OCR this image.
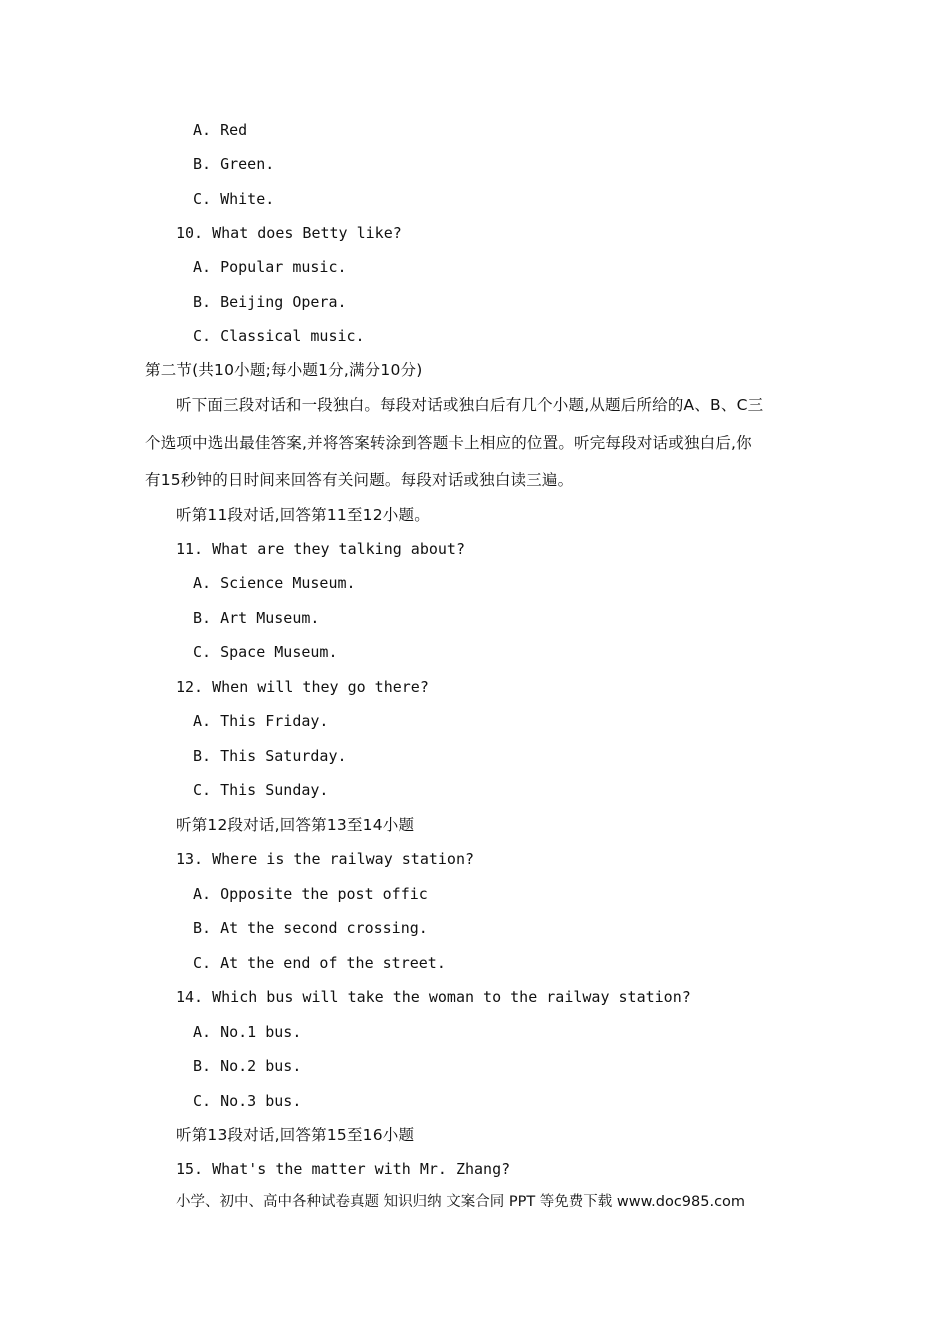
A. Red
B. Green.
C. White.
10. What does Betty like?
A. Popular music.
B. Beijing Opera.
C. Classical music.
第二节(共10小题;每小题1分,满分10分)
听下面三段对话和一段独白。每段对话或独白后有几个小题,从题后所给的A、B、C三
个选项中选出最佳答案,并将答案转涂到答题卡上相应的位置。听完每段对话或独白后,你
有15秒钟的日时间来回答有关问题。每段对话或独白读三遍。
听第11段对话,回答第11至12小题。
11. What are they talking about?
A. Science Museum.
B. Art Museum.
C. Space Museum.
12. When will they go there?
A. This Friday.
B. This Saturday.
C. This Sunday.
听第12段对话,回答第13至14小题
13. Where is the railway station?
A. Opposite the post offic
B. At the second crossing.
C. At the end of the street.
14. Which bus will take the woman to the railway station?
A. No.1 bus.
B. No.2 bus.
C. No.3 bus.
听第13段对话,回答第15至16小题
15. What's the matter with Mr. Zhang?
小学、初中、高中各种试卷真题 知识归纳 文案合同 PPT 等免费下载 www.doc985.com
